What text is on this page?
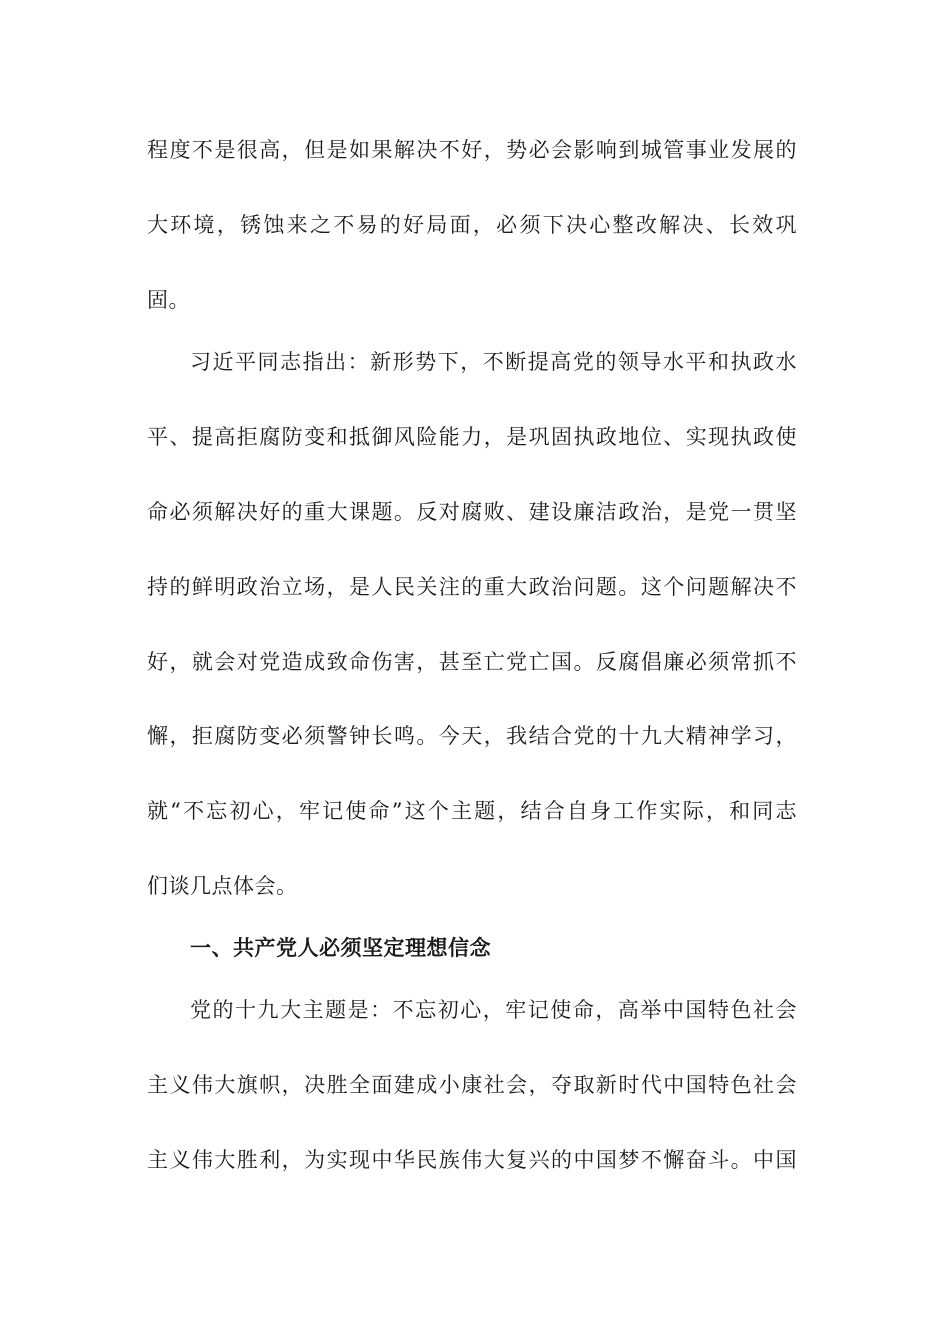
程度不是很高，但是如果解决不好，势必会影响到城管事业发展的
大环境，锈蚀来之不易的好局面，必须下决心整改解决、长效巩
固。
习近平同志指出：新形势下，不断提高党的领导水平和执政水
平、提高拒腐防变和抵御风险能力，是巩固执政地位、实现执政使
命必须解决好的重大课题。反对腐败、建设廉洁政治，是党一贯坚
持的鲜明政治立场，是人民关注的重大政治问题。这个问题解决不
好，就会对党造成致命伤害，甚至亡党亡国。反腐倡廉必须常抓不
懈，拒腐防变必须警钟长鸣。今天，我结合党的十九大精神学习，
就“不忘初心，牢记使命”这个主题，结合自身工作实际，和同志
们谈几点体会。
一、共产党人必须坚定理想信念
党的十九大主题是：不忘初心，牢记使命，高举中国特色社会
主义伟大旗帜，决胜全面建成小康社会，夺取新时代中国特色社会
主义伟大胜利，为实现中华民族伟大复兴的中国梦不懈奋斗。中国
